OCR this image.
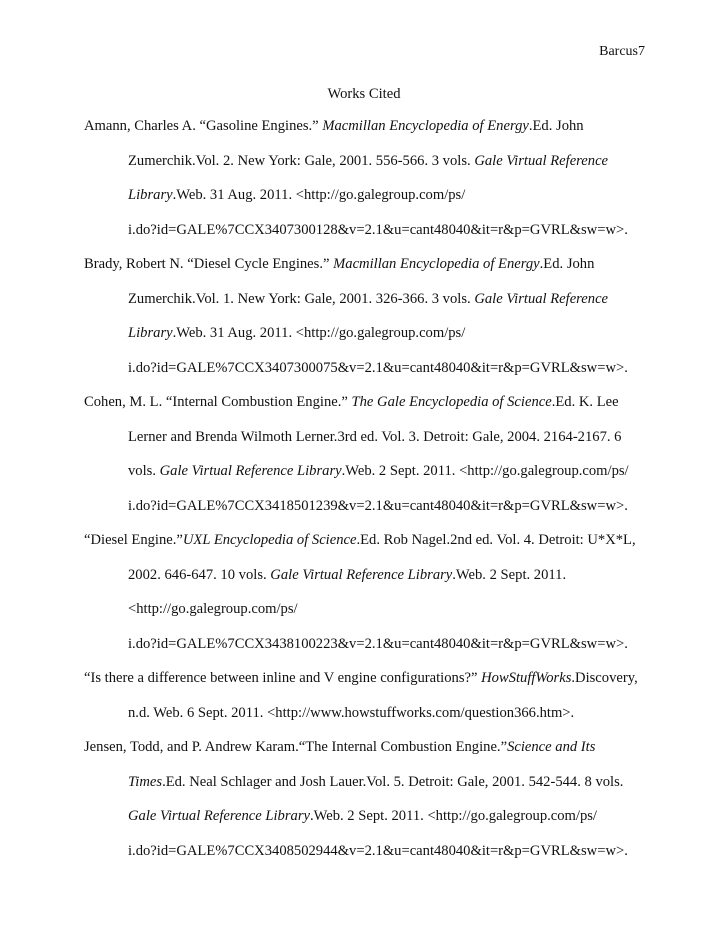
Barcus7
Works Cited
Amann, Charles A. “Gasoline Engines.” Macmillan Encyclopedia of Energy.Ed. John
Zumerchik.Vol. 2. New York: Gale, 2001. 556-566. 3 vols. Gale Virtual Reference
Library.Web. 31 Aug. 2011. <http://go.galegroup.com/ps/
i.do?id=GALE%7CCX3407300128&v=2.1&u=cant48040&it=r&p=GVRL&sw=w>.
Brady, Robert N. “Diesel Cycle Engines.” Macmillan Encyclopedia of Energy.Ed. John
Zumerchik.Vol. 1. New York: Gale, 2001. 326-366. 3 vols. Gale Virtual Reference
Library.Web. 31 Aug. 2011. <http://go.galegroup.com/ps/
i.do?id=GALE%7CCX3407300075&v=2.1&u=cant48040&it=r&p=GVRL&sw=w>.
Cohen, M. L. “Internal Combustion Engine.” The Gale Encyclopedia of Science.Ed. K. Lee
Lerner and Brenda Wilmoth Lerner.3rd ed. Vol. 3. Detroit: Gale, 2004. 2164-2167. 6
vols. Gale Virtual Reference Library.Web. 2 Sept. 2011. <http://go.galegroup.com/ps/
i.do?id=GALE%7CCX3418501239&v=2.1&u=cant48040&it=r&p=GVRL&sw=w>.
“Diesel Engine.”UXL Encyclopedia of Science.Ed. Rob Nagel.2nd ed. Vol. 4. Detroit: U*X*L,
2002. 646-647. 10 vols. Gale Virtual Reference Library.Web. 2 Sept. 2011.
<http://go.galegroup.com/ps/
i.do?id=GALE%7CCX3438100223&v=2.1&u=cant48040&it=r&p=GVRL&sw=w>.
“Is there a difference between inline and V engine configurations?” HowStuffWorks.Discovery,
n.d. Web. 6 Sept. 2011. <http://www.howstuffworks.com/question366.htm>.
Jensen, Todd, and P. Andrew Karam.“The Internal Combustion Engine.”Science and Its
Times.Ed. Neal Schlager and Josh Lauer.Vol. 5. Detroit: Gale, 2001. 542-544. 8 vols.
Gale Virtual Reference Library.Web. 2 Sept. 2011. <http://go.galegroup.com/ps/
i.do?id=GALE%7CCX3408502944&v=2.1&u=cant48040&it=r&p=GVRL&sw=w>.
